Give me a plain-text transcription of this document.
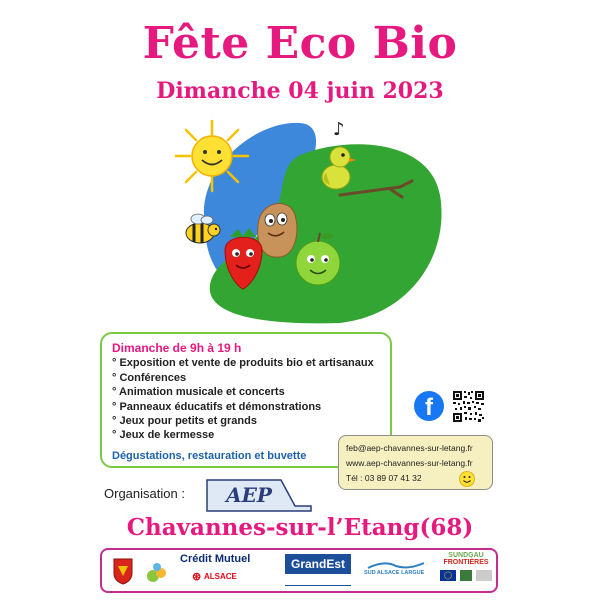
Fête Eco Bio
Dimanche 04 juin 2023
♪
Dimanche de 9h à 19 h
° Exposition et vente de produits bio et artisanaux
° Conférences
° Animation musicale et concerts
° Panneaux éducatifs et démonstrations
° Jeux pour petits et grands
° Jeux de kermesse
Dégustations, restauration et buvette
f
feb@aep-chavannes-sur-letang.fr
www.aep-chavannes-sur-letang.fr
Tél : 03 89 07 41 32
Organisation : AEP
Chavannes-sur-l’Etang(68)
Crédit Mutuel
ALSACE
⊛
GrandEst
SUD ALSACE LARGUE
SUNDGAU
FRONTIÈRES
